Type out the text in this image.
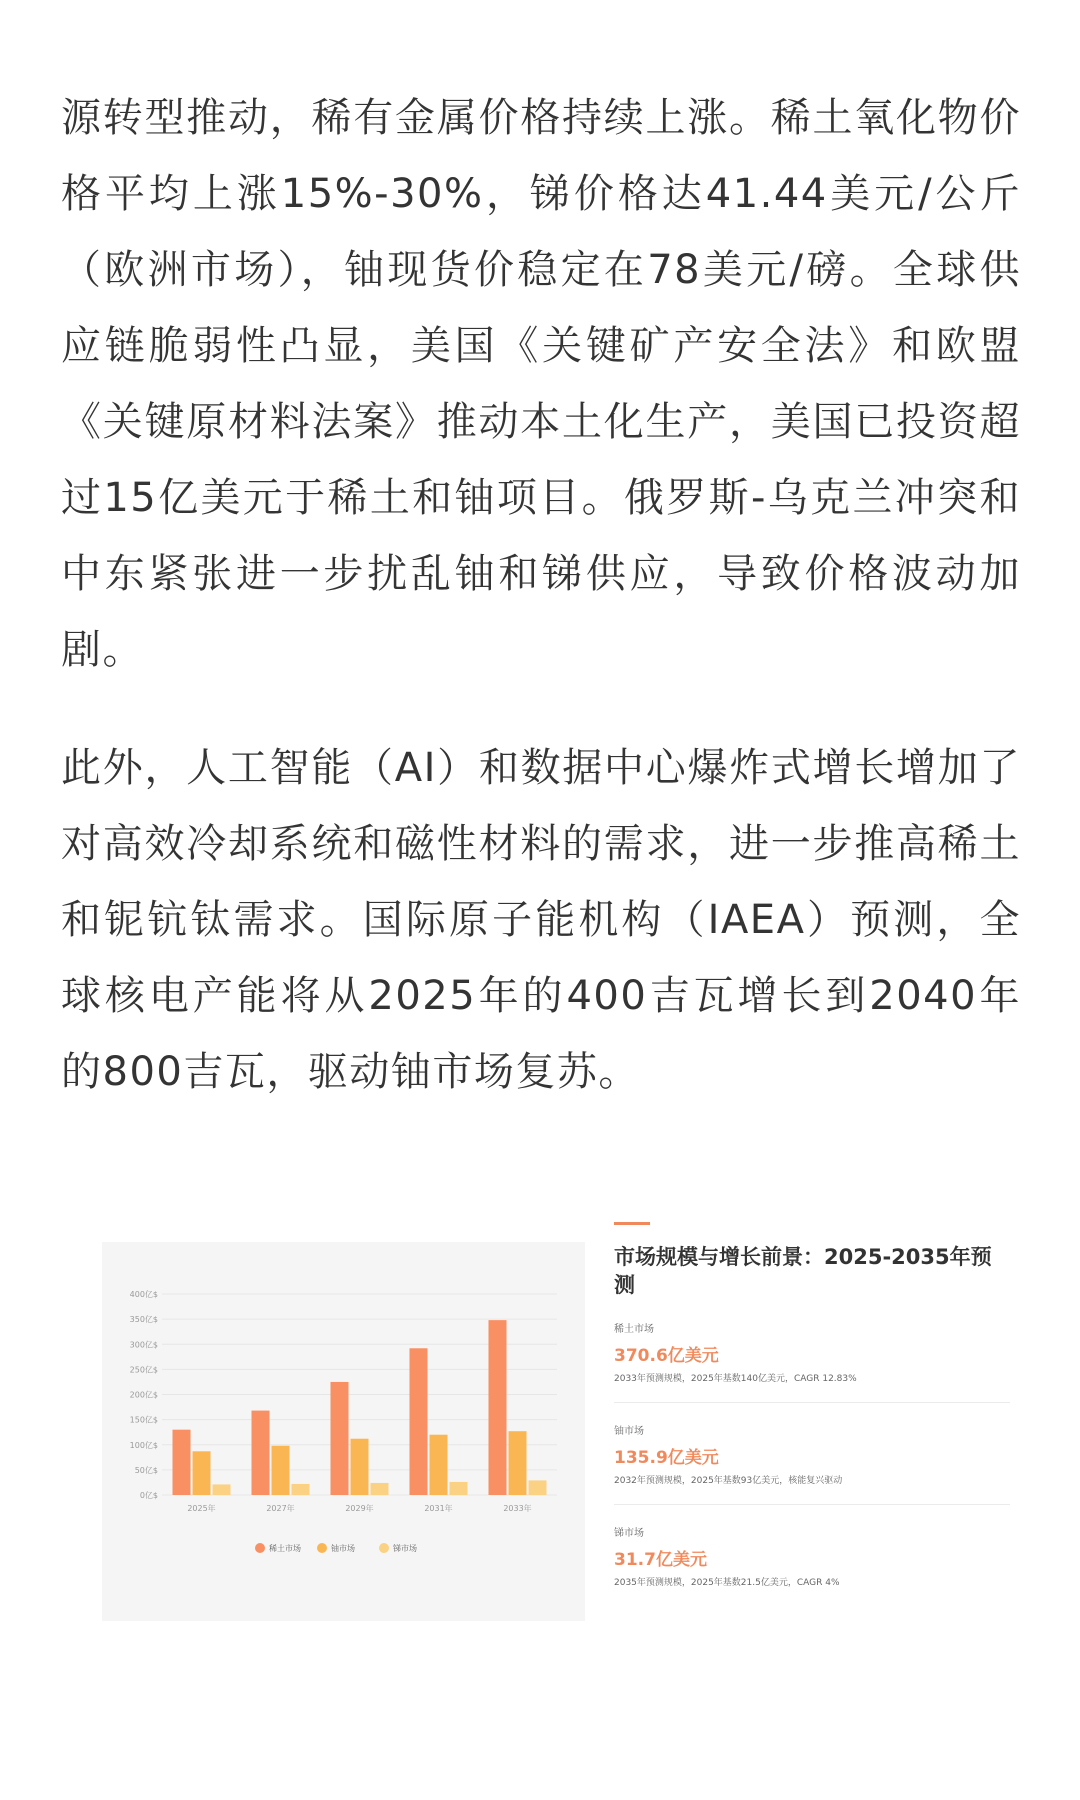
源转型推动，稀有金属价格持续上涨。稀土氧化物价格平均上涨15%-30%，锑价格达41.44美元/公斤（欧洲市场），铀现货价稳定在78美元/磅。全球供应链脆弱性凸显，美国《关键矿产安全法》和欧盟《关键原材料法案》推动本土化生产，美国已投资超过15亿美元于稀土和铀项目。俄罗斯-乌克兰冲突和中东紧张进一步扰乱铀和锑供应，导致价格波动加剧。

此外，人工智能（AI）和数据中心爆炸式增长增加了对高效冷却系统和磁性材料的需求，进一步推高稀土和铌钪钛需求。国际原子能机构（IAEA）预测，全球核电产能将从2025年的400吉瓦增长到2040年的800吉瓦，驱动铀市场复苏。

0亿$
50亿$
100亿$
150亿$
200亿$
250亿$
300亿$
350亿$
400亿$
2025年	2027年	2029年	2031年	2033年
稀土市场	铀市场	锑市场
市场规模与增长前景：2025-2035年预测
稀土市场
370.6亿美元
2033年预测规模，2025年基数140亿美元，CAGR 12.83%
铀市场
135.9亿美元
2032年预测规模，2025年基数93亿美元，核能复兴驱动
锑市场
31.7亿美元
2035年预测规模，2025年基数21.5亿美元，CAGR 4%
